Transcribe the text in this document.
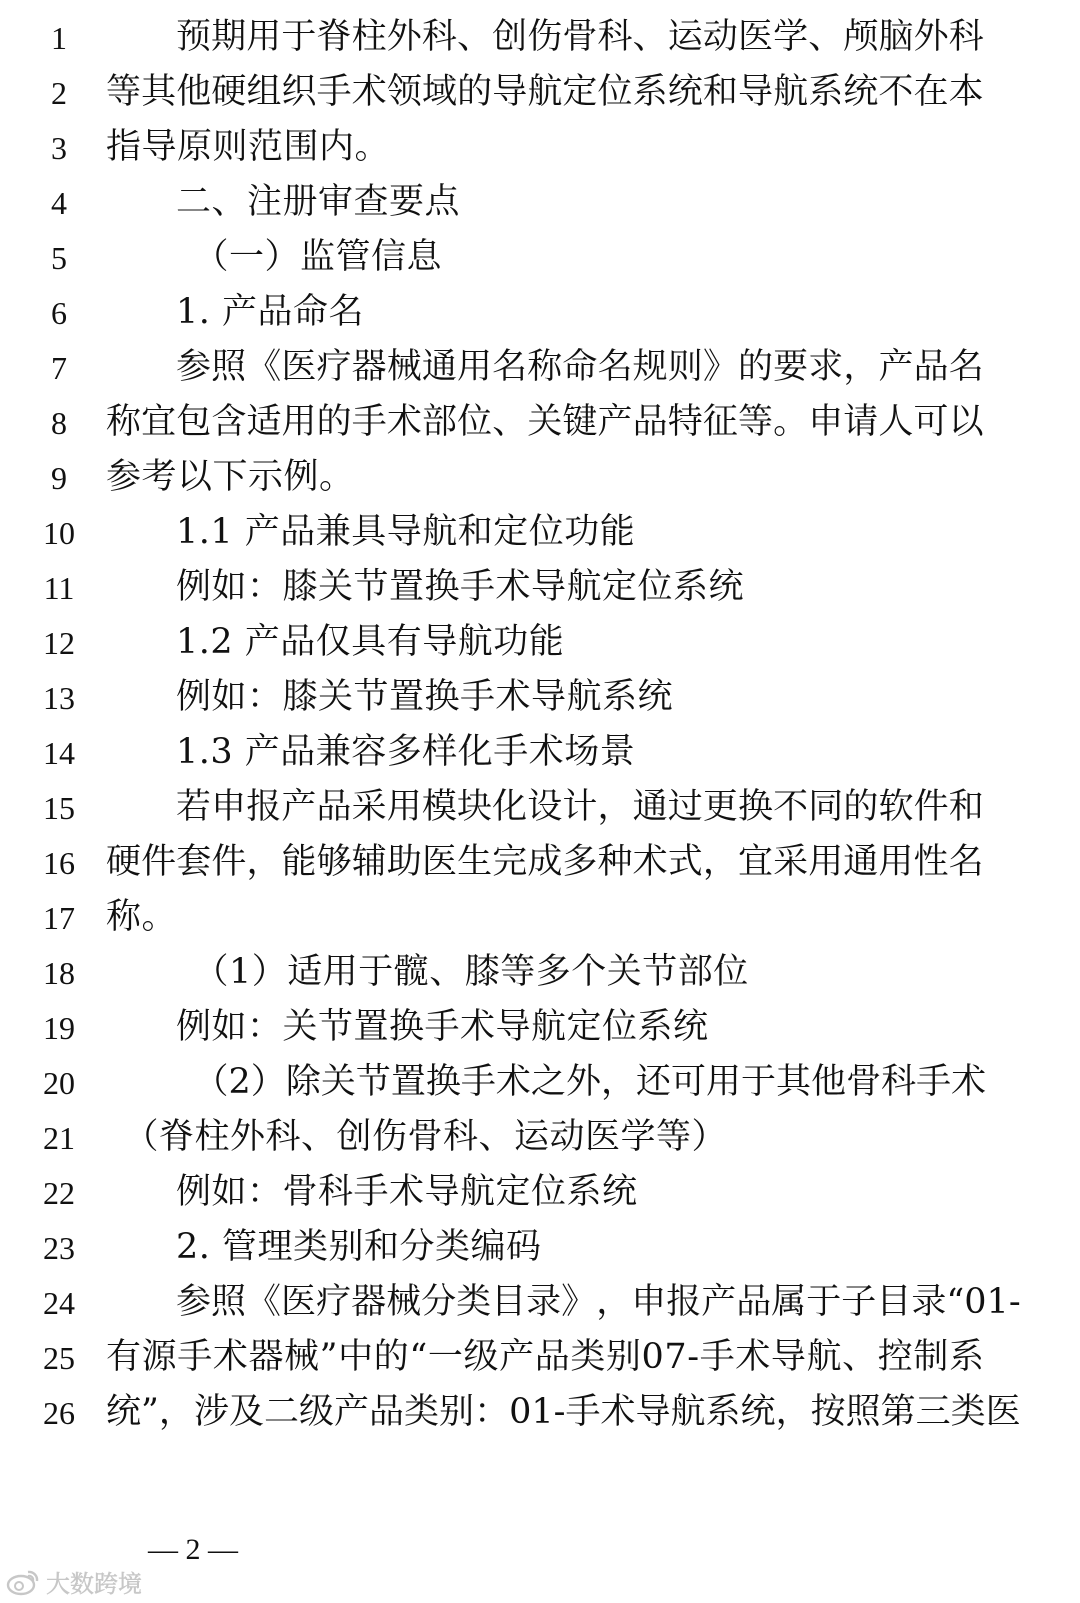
1	预 期 用 于 脊 柱 外 科 、 创 伤 骨 科 、 运 动 医 学 、 颅 脑 外 科
2	等 其 他 硬 组 织 手 术 领 域 的 导 航 定 位 系 统 和 导 航 系 统 不 在 本
3	指导原则范围内。
4	二、注册审查要点
5	（一）监管信息
6	1. 产品命名
7	参 照 《 医 疗 器 械 通 用 名 称 命 名 规 则 》 的 要 求 ， 产 品 名
8	称 宜 包 含 适 用 的 手 术 部 位 、 关 键 产 品 特 征 等 。 申 请 人 可 以
9	参考以下示例。
10	1.1 产品兼具导航和定位功能
11	例如：膝关节置换手术导航定位系统
12	1.2 产品仅具有导航功能
13	例如：膝关节置换手术导航系统
14	1.3 产品兼容多样化手术场景
15	若 申 报 产 品 采 用 模 块 化 设 计 ， 通 过 更 换 不 同 的 软 件 和
16 硬 件 套 件 ， 能 够 辅 助 医 生 完 成 多 种 术 式 ， 宜 采 用 通 用 性 名
17 称。
18	（1）适用于髋、膝等多个关节部位
19	例如：关节置换手术导航定位系统
20	（ 2 ） 除 关 节 置 换 手 术 之 外 ， 还 可 用 于 其 他 骨 科 手 术
21	（脊柱外科、创伤骨科、运动医学等）
22	例如：骨科手术导航定位系统
23	2. 管理类别和分类编码
24	参 照 《 医 疗 器 械 分 类 目 录 》 ， 申 报 产 品 属 于 子 目 录 “ 0 1 -
25 有 源 手 术 器 械 ” 中 的 “ 一 级 产 品 类 别 0 7 - 手 术 导 航 、 控 制 系
26 统 ” ， 涉 及 二 级 产 品 类 别 ： 0 1 - 手 术 导 航 系 统 ， 按 照 第 三 类 医
— 2 —
大数跨境
